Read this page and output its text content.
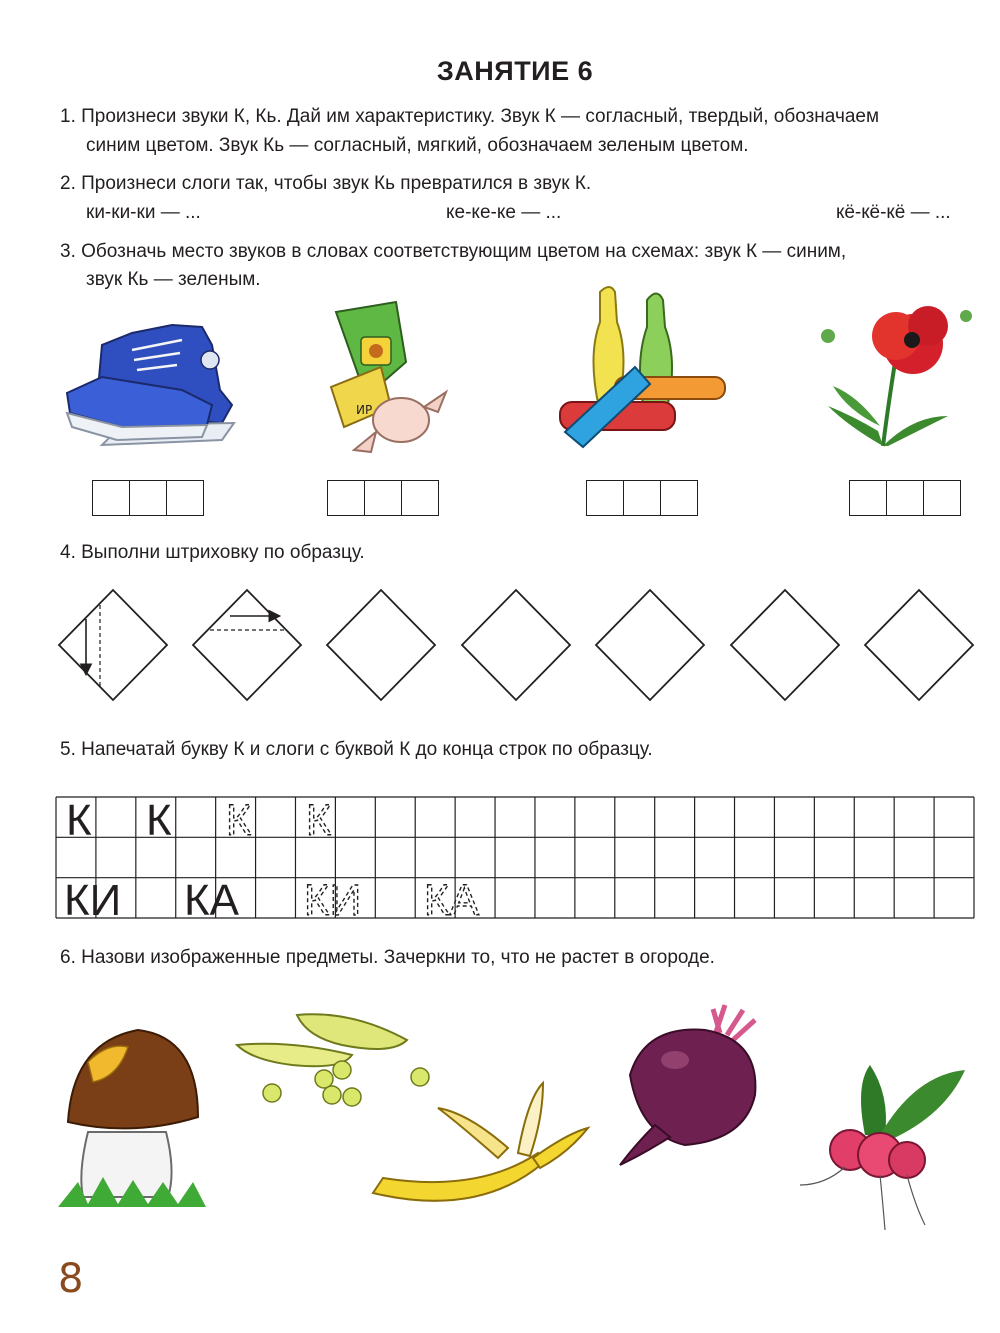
ЗАНЯТИЕ 6
1. Произнеси звуки К, Кь. Дай им характеристику. Звук К — согласный, твердый, обозначаем
синим цветом. Звук Кь — согласный, мягкий, обозначаем зеленым цветом.
2. Произнеси слоги так, чтобы звук Кь превратился в звук К.
ки-ки-ки — ...	ке-ке-ке — ...	кё-кё-кё — ...
3. Обозначь место звуков в словах соответствующим цветом на схемах: звук К — синим,
звук Кь — зеленым.
ИР
4. Выполни штриховку по образцу.
5. Напечатай букву К и слоги с буквой К до конца строк по образцу.
К К К К
КИ КА КИ КА
6. Назови изображенные предметы. Зачеркни то, что не растет в огороде.
8
